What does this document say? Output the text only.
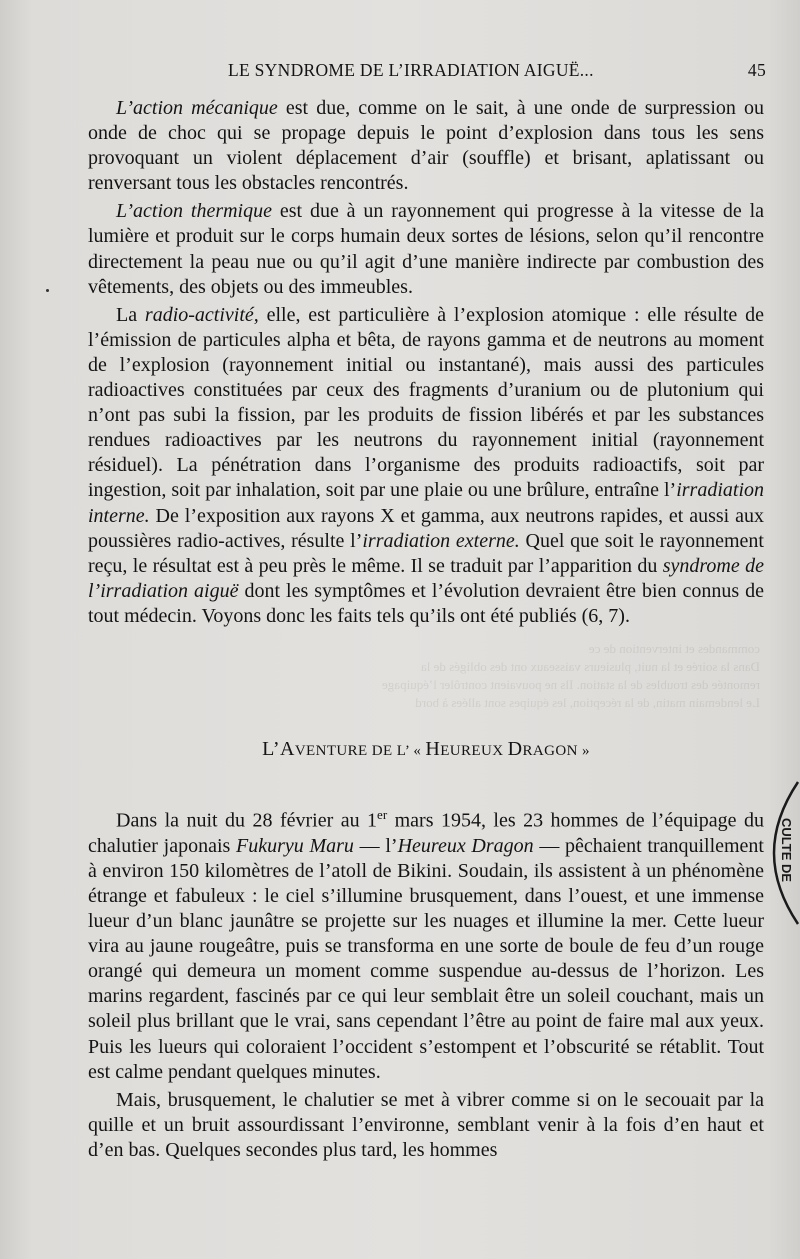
LE SYNDROME DE L’IRRADIATION AIGUË...	45
commandes et intervention de ce
Dans la soirée et la nuit, plusieurs vaisseaux ont des obligés de la
remontée des troubles de la station. Ils ne pouvaient contrôler l’équipage
Le lendemain matin, de la réception, les équipes sont allées à bord

L’action mécanique est due, comme on le sait, à une onde de surpression ou onde de choc qui se propage depuis le point d’explosion dans tous les sens provoquant un violent déplacement d’air (souffle) et brisant, aplatissant ou renversant tous les obstacles rencontrés.

L’action thermique est due à un rayonnement qui progresse à la vitesse de la lumière et produit sur le corps humain deux sortes de lésions, selon qu’il rencontre directement la peau nue ou qu’il agit d’une manière indirecte par combustion des vêtements, des objets ou des immeubles.

La radio-activité, elle, est particulière à l’explosion atomique : elle résulte de l’émission de particules alpha et bêta, de rayons gamma et de neutrons au moment de l’explosion (rayonnement initial ou instantané), mais aussi des particules radioactives constituées par ceux des fragments d’uranium ou de plutonium qui n’ont pas subi la fission, par les produits de fission libérés et par les substances rendues radioactives par les neutrons du rayonnement initial (rayonnement résiduel). La pénétration dans l’organisme des produits radioactifs, soit par ingestion, soit par inhalation, soit par une plaie ou une brûlure, entraîne l’irradiation interne. De l’exposition aux rayons X et gamma, aux neutrons rapides, et aussi aux poussières radio-actives, résulte l’irradiation externe. Quel que soit le rayonnement reçu, le résultat est à peu près le même. Il se traduit par l’apparition du syndrome de l’irradiation aiguë dont les symptômes et l’évolution devraient être bien connus de tout médecin. Voyons donc les faits tels qu’ils ont été publiés (6, 7).

L’AVENTURE DE L’ « HEUREUX DRAGON »

Dans la nuit du 28 février au 1er mars 1954, les 23 hommes de l’équipage du chalutier japonais Fukuryu Maru — l’Heureux Dragon — pêchaient tranquillement à environ 150 kilomètres de l’atoll de Bikini. Soudain, ils assistent à un phénomène étrange et fabuleux : le ciel s’illumine brusquement, dans l’ouest, et une immense lueur d’un blanc jaunâtre se projette sur les nuages et illumine la mer. Cette lueur vira au jaune rougeâtre, puis se transforma en une sorte de boule de feu d’un rouge orangé qui demeura un moment comme suspendue au-dessus de l’horizon. Les marins regardent, fascinés par ce qui leur semblait être un soleil couchant, mais un soleil plus brillant que le vrai, sans cependant l’être au point de faire mal aux yeux. Puis les lueurs qui coloraient l’occident s’estompent et l’obscurité se rétablit. Tout est calme pendant quelques minutes.

Mais, brusquement, le chalutier se met à vibrer comme si on le secouait par la quille et un bruit assourdissant l’environne, semblant venir à la fois d’en haut et d’en bas. Quelques secondes plus tard, les hommes

CULTE DE
